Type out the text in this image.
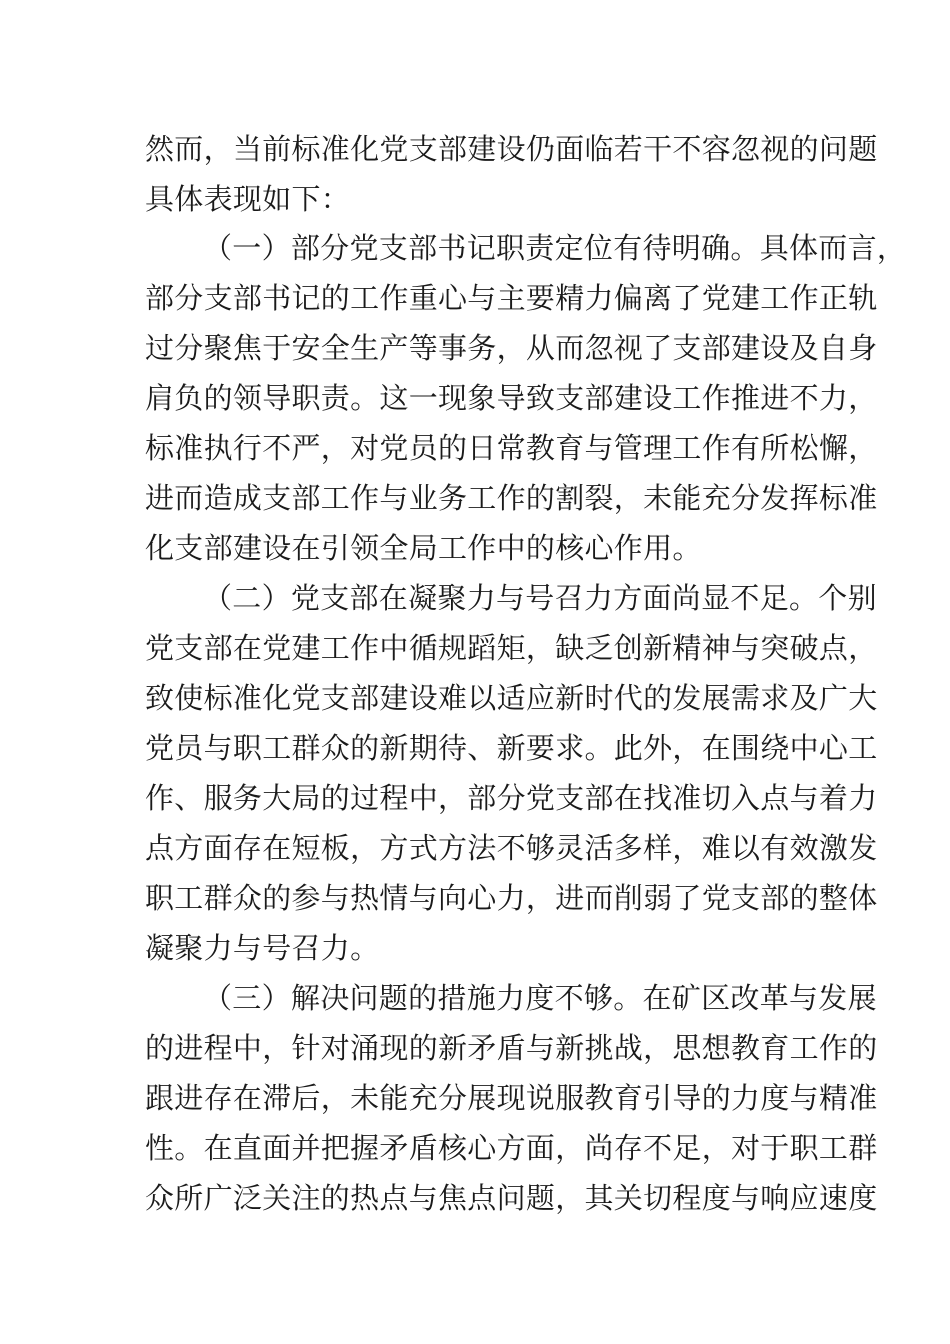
然而，当前标准化党支部建设仍面临若干不容忽视的问题

具体表现如下：

（一）部分党支部书记职责定位有待明确。具体而言，

部分支部书记的工作重心与主要精力偏离了党建工作正轨

过分聚焦于安全生产等事务，从而忽视了支部建设及自身

肩负的领导职责。这一现象导致支部建设工作推进不力，

标准执行不严，对党员的日常教育与管理工作有所松懈，

进而造成支部工作与业务工作的割裂，未能充分发挥标准

化支部建设在引领全局工作中的核心作用。

（二）党支部在凝聚力与号召力方面尚显不足。个别

党支部在党建工作中循规蹈矩，缺乏创新精神与突破点，

致使标准化党支部建设难以适应新时代的发展需求及广大

党员与职工群众的新期待、新要求。此外，在围绕中心工

作、服务大局的过程中，部分党支部在找准切入点与着力

点方面存在短板，方式方法不够灵活多样，难以有效激发

职工群众的参与热情与向心力，进而削弱了党支部的整体

凝聚力与号召力。

（三）解决问题的措施力度不够。在矿区改革与发展

的进程中，针对涌现的新矛盾与新挑战，思想教育工作的

跟进存在滞后，未能充分展现说服教育引导的力度与精准

性。在直面并把握矛盾核心方面，尚存不足，对于职工群

众所广泛关注的热点与焦点问题，其关切程度与响应速度
